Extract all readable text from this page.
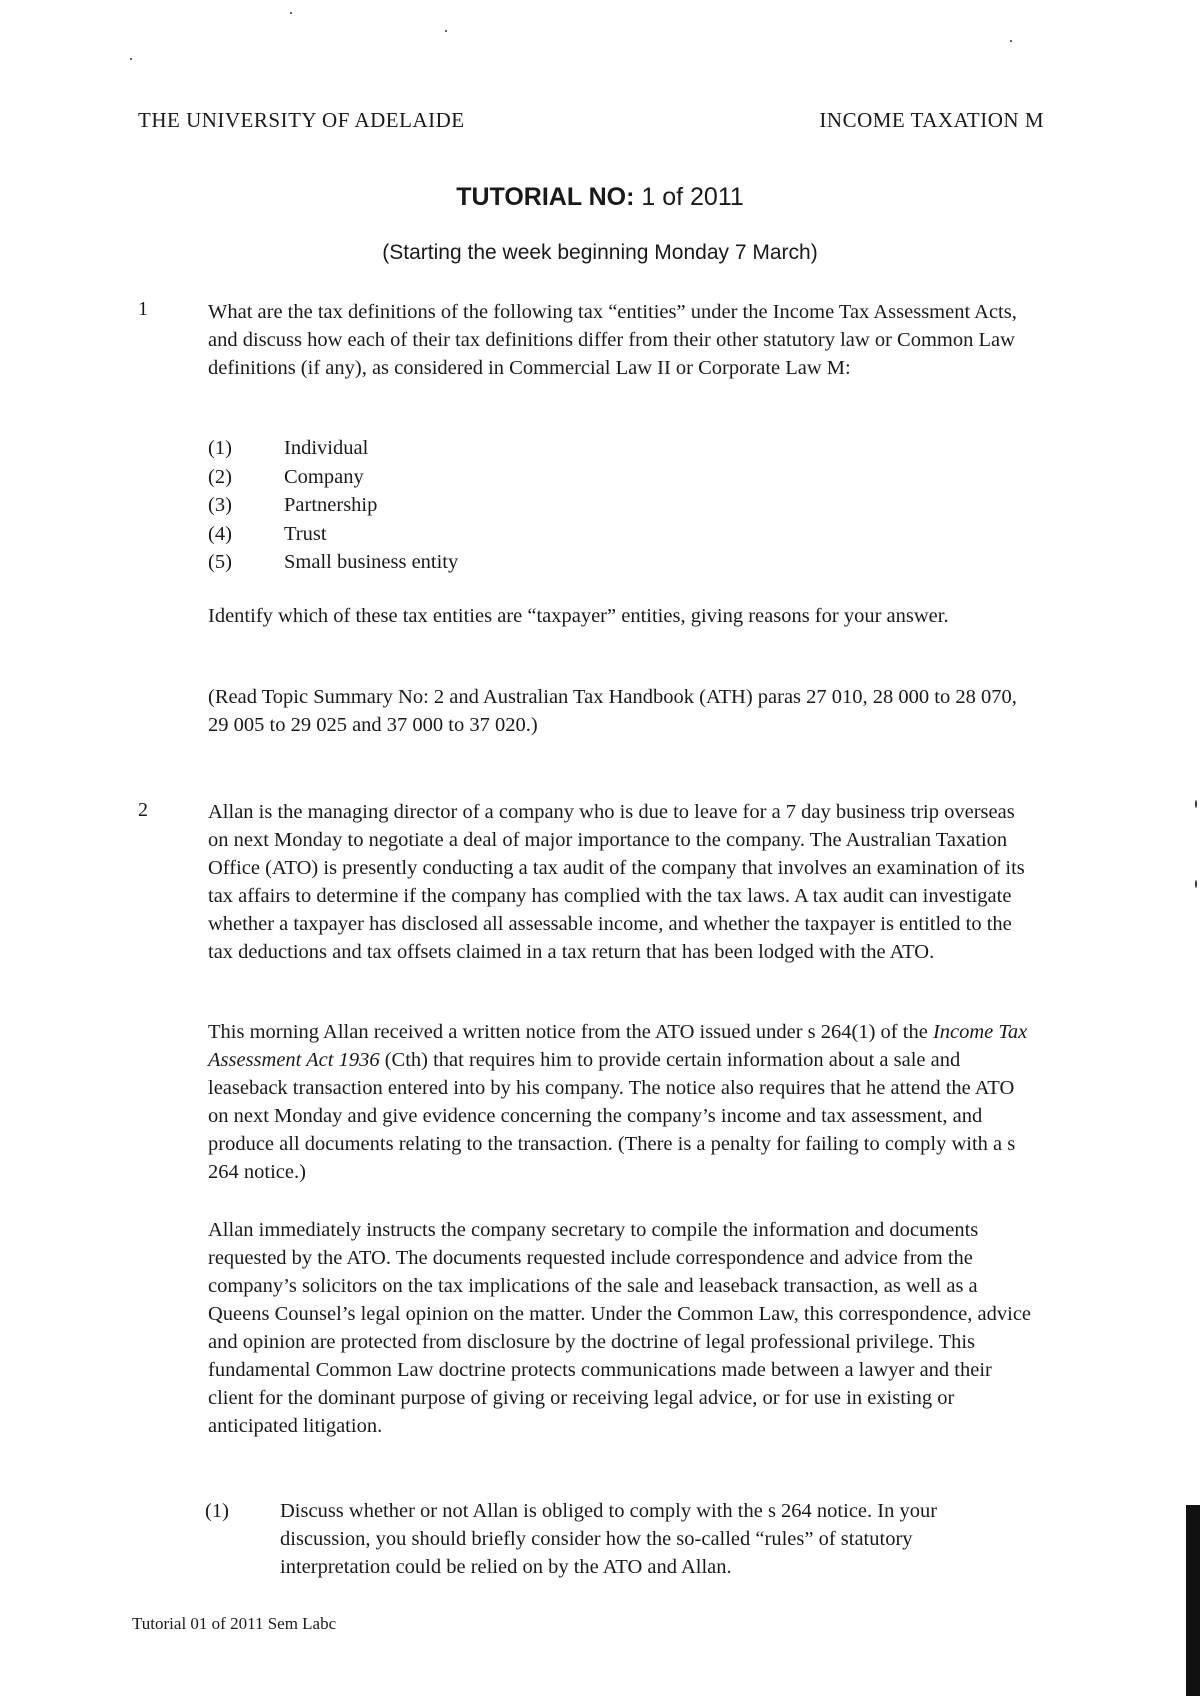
THE UNIVERSITY OF ADELAIDE	INCOME TAXATION M
TUTORIAL NO: 1 of 2011
(Starting the week beginning Monday 7 March)
1	What are the tax definitions of the following tax “entities” under the Income Tax Assessment Acts, and discuss how each of their tax definitions differ from their other statutory law or Common Law definitions (if any), as considered in Commercial Law II or Corporate Law M:

(1)	Individual
(2)	Company
(3)	Partnership
(4)	Trust
(5)	Small business entity

Identify which of these tax entities are “taxpayer” entities, giving reasons for your answer.

(Read Topic Summary No: 2 and Australian Tax Handbook (ATH) paras 27 010, 28 000 to 28 070, 29 005 to 29 025 and 37 000 to 37 020.)

2	Allan is the managing director of a company who is due to leave for a 7 day business trip overseas on next Monday to negotiate a deal of major importance to the company. The Australian Taxation Office (ATO) is presently conducting a tax audit of the company that involves an examination of its tax affairs to determine if the company has complied with the tax laws. A tax audit can investigate whether a taxpayer has disclosed all assessable income, and whether the taxpayer is entitled to the tax deductions and tax offsets claimed in a tax return that has been lodged with the ATO.

This morning Allan received a written notice from the ATO issued under s 264(1) of the Income Tax Assessment Act 1936 (Cth) that requires him to provide certain information about a sale and leaseback transaction entered into by his company. The notice also requires that he attend the ATO on next Monday and give evidence concerning the company’s income and tax assessment, and produce all documents relating to the transaction. (There is a penalty for failing to comply with a s 264 notice.)

Allan immediately instructs the company secretary to compile the information and documents requested by the ATO. The documents requested include correspondence and advice from the company’s solicitors on the tax implications of the sale and leaseback transaction, as well as a Queens Counsel’s legal opinion on the matter. Under the Common Law, this correspondence, advice and opinion are protected from disclosure by the doctrine of legal professional privilege. This fundamental Common Law doctrine protects communications made between a lawyer and their client for the dominant purpose of giving or receiving legal advice, or for use in existing or anticipated litigation.

(1)	Discuss whether or not Allan is obliged to comply with the s 264 notice. In your discussion, you should briefly consider how the so-called “rules” of statutory interpretation could be relied on by the ATO and Allan.
Tutorial 01 of 2011 Sem Labc
